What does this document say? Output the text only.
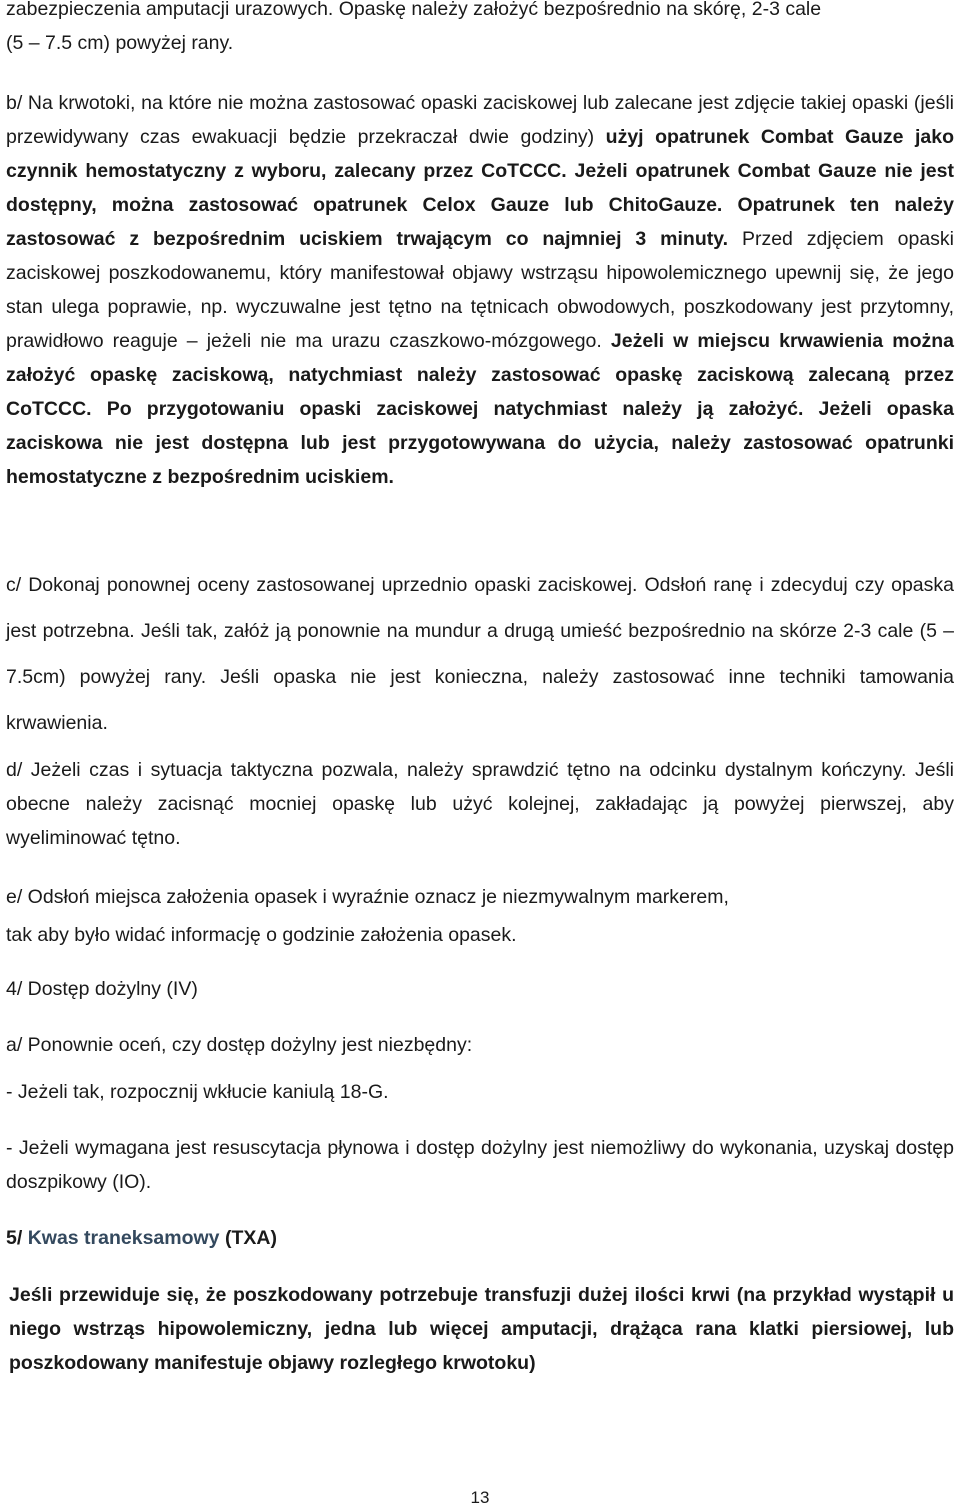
zabezpieczenia amputacji urazowych. Opaskę należy założyć bezpośrednio na skórę, 2-3 cale
(5 – 7.5 cm) powyżej rany.

b/ Na krwotoki, na które nie można zastosować opaski zaciskowej lub zalecane jest zdjęcie takiej opaski (jeśli przewidywany czas ewakuacji będzie przekraczał dwie godziny) użyj opatrunek Combat Gauze jako czynnik hemostatyczny z wyboru, zalecany przez CoTCCC. Jeżeli opatrunek Combat Gauze nie jest dostępny, można zastosować opatrunek Celox Gauze lub ChitoGauze. Opatrunek ten należy zastosować z bezpośrednim uciskiem trwającym co najmniej 3 minuty. Przed zdjęciem opaski zaciskowej poszkodowanemu, który manifestował objawy wstrząsu hipowolemicznego upewnij się, że jego stan ulega poprawie, np. wyczuwalne jest tętno na tętnicach obwodowych, poszkodowany jest przytomny, prawidłowo reaguje – jeżeli nie ma urazu czaszkowo-mózgowego. Jeżeli w miejscu krwawienia można założyć opaskę zaciskową, natychmiast należy zastosować opaskę zaciskową zalecaną przez CoTCCC. Po przygotowaniu opaski zaciskowej natychmiast należy ją założyć. Jeżeli opaska zaciskowa nie jest dostępna lub jest przygotowywana do użycia, należy zastosować opatrunki hemostatyczne z bezpośrednim uciskiem.

c/ Dokonaj ponownej oceny zastosowanej uprzednio opaski zaciskowej. Odsłoń ranę i zdecyduj czy opaska jest potrzebna. Jeśli tak, załóż ją ponownie na mundur a drugą umieść bezpośrednio na skórze 2-3 cale (5 – 7.5cm) powyżej rany. Jeśli opaska nie jest konieczna, należy zastosować inne techniki tamowania krwawienia.

d/ Jeżeli czas i sytuacja taktyczna pozwala, należy sprawdzić tętno na odcinku dystalnym kończyny. Jeśli obecne należy zacisnąć mocniej opaskę lub użyć kolejnej, zakładając ją powyżej pierwszej, aby wyeliminować tętno.

e/ Odsłoń miejsca założenia opasek i wyraźnie oznacz je niezmywalnym markerem,
tak aby było widać informację o godzinie założenia opasek.

4/ Dostęp dożylny (IV)

a/ Ponownie oceń, czy dostęp dożylny jest niezbędny:

- Jeżeli tak, rozpocznij wkłucie kaniulą 18-G.

- Jeżeli wymagana jest resuscytacja płynowa i dostęp dożylny jest niemożliwy do wykonania, uzyskaj dostęp doszpikowy (IO).

5/ Kwas traneksamowy (TXA)

Jeśli przewiduje się, że poszkodowany potrzebuje transfuzji dużej ilości krwi (na przykład wystąpił u niego wstrząs hipowolemiczny, jedna lub więcej amputacji, drążąca rana klatki piersiowej, lub poszkodowany manifestuje objawy rozległego krwotoku)

13
